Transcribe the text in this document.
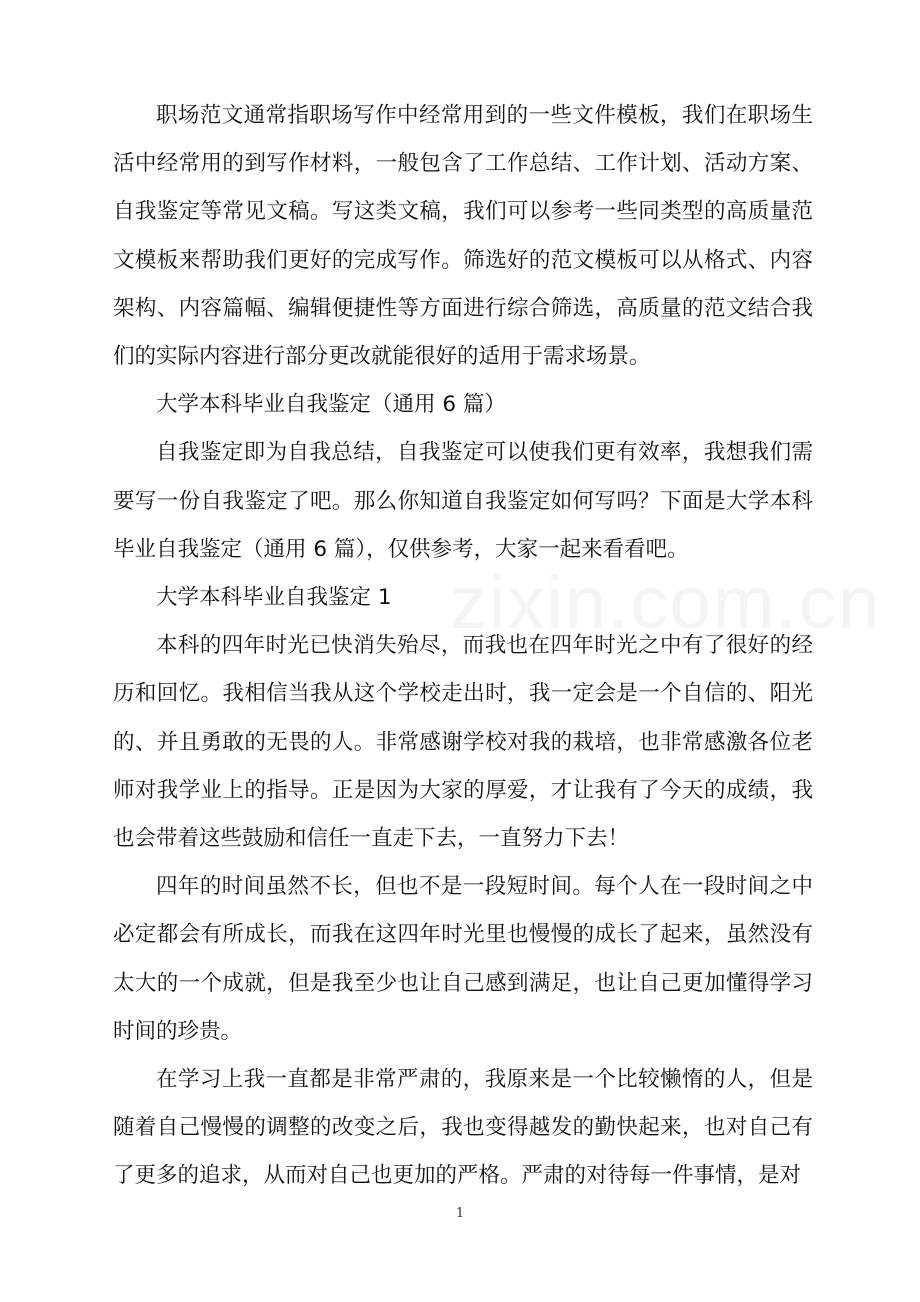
zixin.com.cn

职场范文通常指职场写作中经常用到的一些文件模板，我们在职场生活中经常用的到写作材料，一般包含了工作总结、工作计划、活动方案、自我鉴定等常见文稿。写这类文稿，我们可以参考一些同类型的高质量范文模板来帮助我们更好的完成写作。筛选好的范文模板可以从格式、内容架构、内容篇幅、编辑便捷性等方面进行综合筛选，高质量的范文结合我们的实际内容进行部分更改就能很好的适用于需求场景。

大学本科毕业自我鉴定（通用 6 篇）

自我鉴定即为自我总结，自我鉴定可以使我们更有效率，我想我们需要写一份自我鉴定了吧。那么你知道自我鉴定如何写吗？下面是大学本科毕业自我鉴定（通用 6 篇），仅供参考，大家一起来看看吧。

大学本科毕业自我鉴定 1

本科的四年时光已快消失殆尽，而我也在四年时光之中有了很好的经历和回忆。我相信当我从这个学校走出时，我一定会是一个自信的、阳光的、并且勇敢的无畏的人。非常感谢学校对我的栽培，也非常感激各位老师对我学业上的指导。正是因为大家的厚爱，才让我有了今天的成绩，我也会带着这些鼓励和信任一直走下去，一直努力下去！

四年的时间虽然不长，但也不是一段短时间。每个人在一段时间之中必定都会有所成长，而我在这四年时光里也慢慢的成长了起来，虽然没有太大的一个成就，但是我至少也让自己感到满足，也让自己更加懂得学习时间的珍贵。

在学习上我一直都是非常严肃的，我原来是一个比较懒惰的人，但是随着自己慢慢的调整的改变之后，我也变得越发的勤快起来，也对自己有了更多的追求，从而对自己也更加的严格。严肃的对待每一件事情，是对

1
